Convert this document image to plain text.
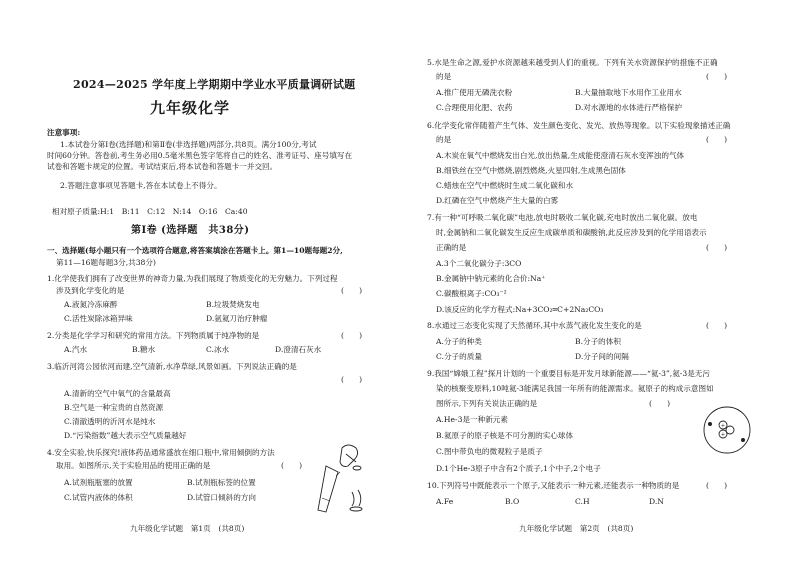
2024—2025 学年度上学期期中学业水平质量调研试题
九年级化学
注意事项:
1.本试卷分第Ⅰ卷(选择题)和第Ⅱ卷(非选择题)两部分,共8页。满分100分,考试
时间60分钟。答卷前,考生务必用0.5毫米黑色签字笔将自己的姓名、准考证号、座号填写在
试卷和答题卡规定的位置。考试结束后,将本试卷和答题卡一并交回。
2.答题注意事项见答题卡,答在本试卷上不得分。
相对原子质量:H:1　B:11　C:12　N:14　O:16　Ca:40
第Ⅰ卷 (选择题　共38分)
一、选择题(每小题只有一个选项符合题意,将答案填涂在答题卡上。第1—10题每题2分,
第11—16题每题3分,共38分)
1.化学使我们拥有了改变世界的神奇力量,为我们展现了物质变化的无穷魅力。下列过程
涉及到化学变化的是	(　　)
A.液氮冷冻麻醉	B.垃圾焚烧发电
C.活性炭除冰箱异味	D.氩氦刀治疗肿瘤
2.分类是化学学习和研究的常用方法。下列物质属于纯净物的是	(　　)
A.汽水	B.糖水	C.冰水	D.澄清石灰水
3.临沂河湾公园依河而建,空气清新,水净草绿,风景如画。下列说法正确的是
(　　)
A.清新的空气中氧气的含量最高
B.空气是一种宝贵的自然资源
C.清澈透明的沂河水是纯水
D.“污染指数”越大表示空气质量越好
4.安全实验,快乐探究!液体药品通常盛放在细口瓶中,常用倾倒的方法
取用。如图所示,关于实验用品的使用正确的是	(　　)
A.试剂瓶瓶塞的放置	B.试剂瓶标签的位置
C.试管内液体的体积	D.试管口倾斜的方向
九年级化学试题　第1页　(共8页)
5.水是生命之源,爱护水资源越来越受到人们的重视。下列有关水资源保护的措施不正确
的是	(　　)
A.推广使用无磷洗衣粉	B.大量抽取地下水用作工业用水
C.合理使用化肥、农药	D.对水源地的水体进行严格保护
6.化学变化常伴随着产生气体、发生颜色变化、发光、放热等现象。以下实验现象描述正确
的是	(　　)
A.木炭在氧气中燃烧发出白光,放出热量,生成能使澄清石灰水变浑浊的气体
B.细铁丝在空气中燃烧,剧烈燃烧,火星四射,生成黑色固体
C.蜡烛在空气中燃烧时生成二氧化碳和水
D.红磷在空气中燃烧产生大量的白雾
7.有一种“可呼吸二氧化碳”电池,放电时吸收二氧化碳,充电时放出二氧化碳。放电
时,金属钠和二氧化碳发生反应生成碳单质和碳酸钠,此反应涉及到的化学用语表示
正确的是	(　　)
A.3个二氧化碳分子:3CO
B.金属钠中钠元素的化合价:Na⁺
C.碳酸根离子:CO₃⁻²
D.该反应的化学方程式:Na+3CO₂═C+2Na₂CO₃
8.水通过三态变化实现了天然循环,其中水蒸气液化发生变化的是	(　　)
A.分子的种类	B.分子的体积
C.分子的质量	D.分子间的间隔
9.我国“嫦娥工程”探月计划的一个重要目标是开发月球新能源——“氦-3”,氦-3是无污
染的核聚变原料,10吨氦-3能满足我国一年所有的能源需求。氦原子的构成示意图如
图所示,下列有关说法正确的是	(　　)
A.He-3是一种新元素
B.氦原子的原子核是不可分割的实心球体
C.图中带负电的微观粒子是质子
D.1个He-3原子中含有2个质子,1个中子,2个电子
+
+
10.下列符号中既能表示一个原子,又能表示一种元素,还能表示一种物质的是	(　　)
A.Fe	B.O	C.H	D.N
九年级化学试题　第2页　(共8页)
